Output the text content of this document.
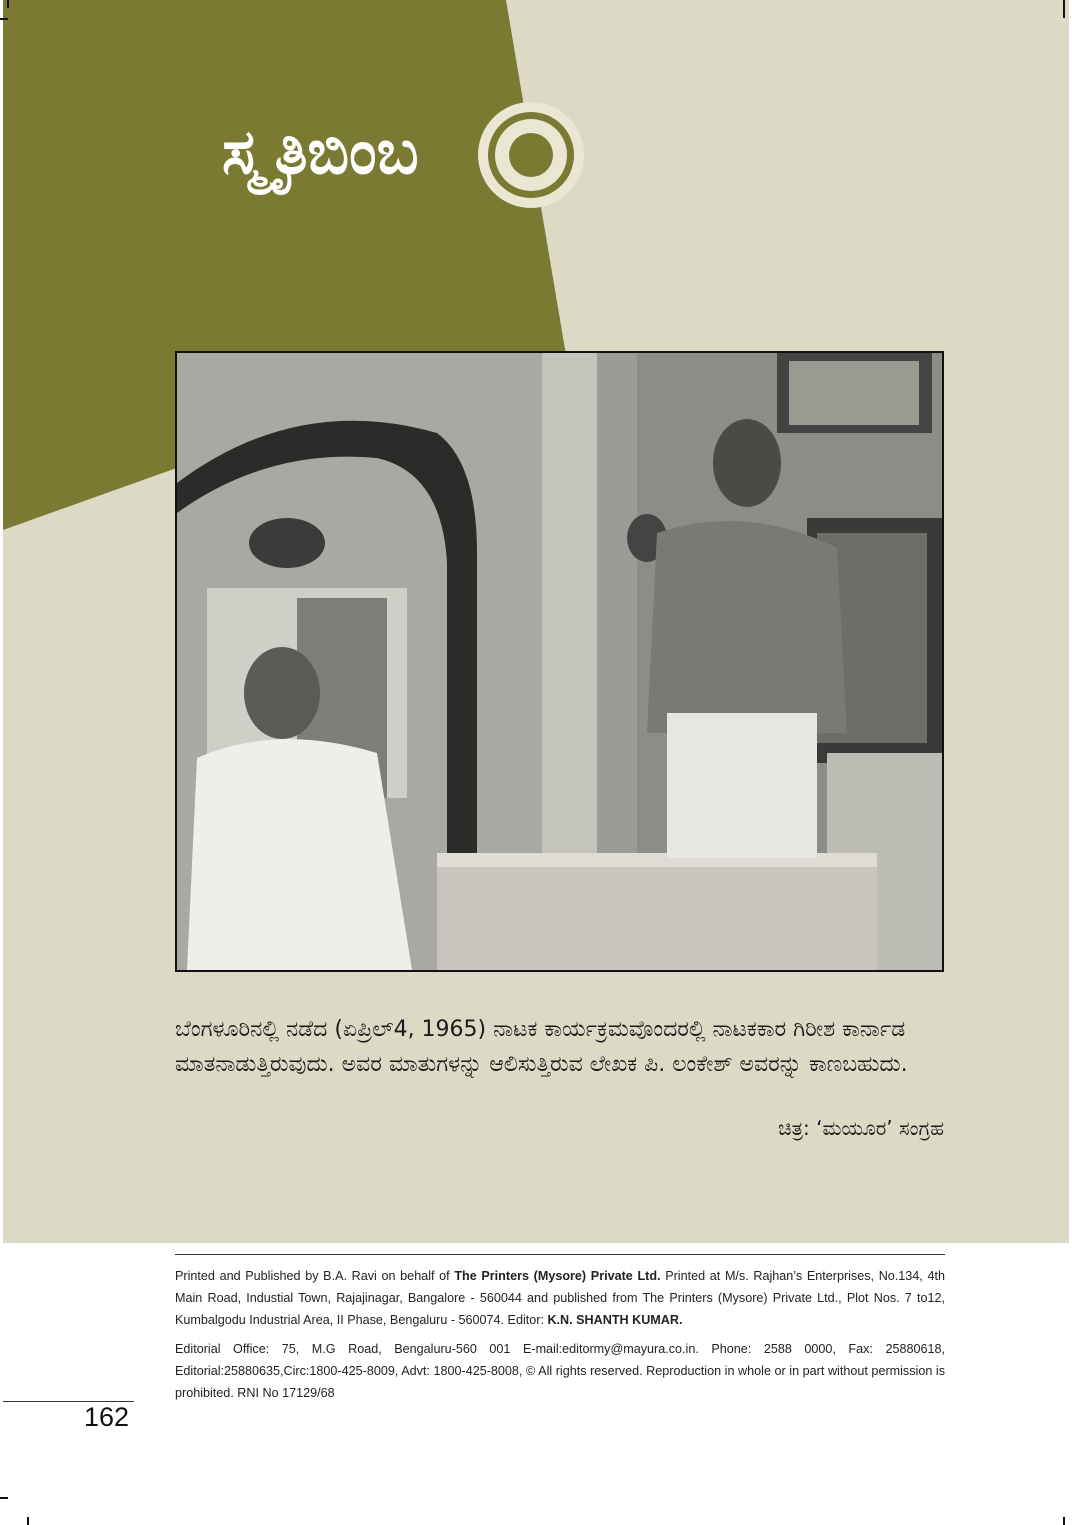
ಸ್ಮೃತಿಬಿಂಬ
ಬೆಂಗಳೂರಿನಲ್ಲಿ ನಡೆದ (ಏಪ್ರಿಲ್4, 1965) ನಾಟಕ ಕಾರ್ಯಕ್ರಮವೊಂದರಲ್ಲಿ ನಾಟಕಕಾರ ಗಿರೀಶ ಕಾರ್ನಾಡ ಮಾತನಾಡುತ್ತಿರುವುದು. ಅವರ ಮಾತುಗಳನ್ನು ಆಲಿಸುತ್ತಿರುವ ಲೇಖಕ ಪಿ. ಲಂಕೇಶ್ ಅವರನ್ನು ಕಾಣಬಹುದು.
ಚಿತ್ರ: ‘ಮಯೂರ’ ಸಂಗ್ರಹ
Printed and Published by B.A. Ravi on behalf of The Printers (Mysore) Private Ltd. Printed at M/s. Rajhan’s Enterprises, No.134, 4th Main Road, Industial Town, Rajajinagar, Bangalore - 560044 and published from The Printers (Mysore) Private Ltd., Plot Nos. 7 to12, Kumbalgodu Industrial Area, II Phase, Bengaluru - 560074. Editor: K.N. SHANTH KUMAR.
Editorial Office: 75, M.G Road, Bengaluru-560 001 E-mail:editormy@mayura.co.in. Phone: 2588 0000, Fax: 25880618, Editorial:25880635,Circ:1800-425-8009, Advt: 1800-425-8008, © All rights reserved. Reproduction in whole or in part without permission is prohibited. RNI No 17129/68
162
